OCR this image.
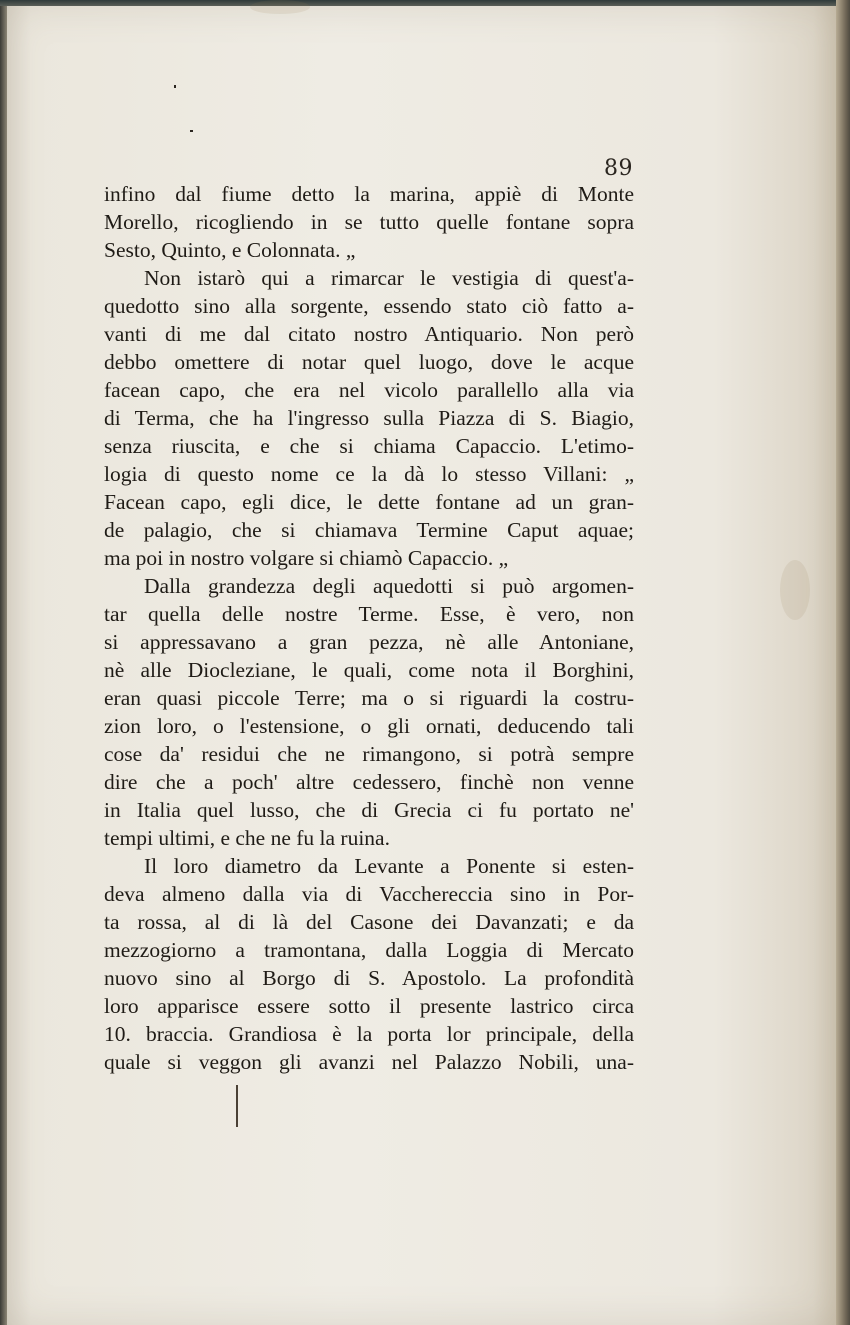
89
infino dal fiume detto la marina, appiè di Monte
Morello, ricogliendo in se tutto quelle fontane sopra
Sesto, Quinto, e Colonnata. „
Non istarò qui a rimarcar le vestigia di quest'a-
quedotto sino alla sorgente, essendo stato ciò fatto a-
vanti di me dal citato nostro Antiquario. Non però
debbo omettere di notar quel luogo, dove le acque
facean capo, che era nel vicolo parallello alla via
di Terma, che ha l'ingresso sulla Piazza di S. Biagio,
senza riuscita, e che si chiama Capaccio. L'etimo-
logia di questo nome ce la dà lo stesso Villani: „
Facean capo, egli dice, le dette fontane ad un gran-
de palagio, che si chiamava Termine Caput aquae;
ma poi in nostro volgare si chiamò Capaccio. „
Dalla grandezza degli aquedotti si può argomen-
tar quella delle nostre Terme. Esse, è vero, non
si appressavano a gran pezza, nè alle Antoniane,
nè alle Diocleziane, le quali, come nota il Borghini,
eran quasi piccole Terre; ma o si riguardi la costru-
zion loro, o l'estensione, o gli ornati, deducendo tali
cose da' residui che ne rimangono, si potrà sempre
dire che a poch' altre cedessero, finchè non venne
in Italia quel lusso, che di Grecia ci fu portato ne'
tempi ultimi, e che ne fu la ruina.
Il loro diametro da Levante a Ponente si esten-
deva almeno dalla via di Vacchereccia sino in Por-
ta rossa, al di là del Casone dei Davanzati; e da
mezzogiorno a tramontana, dalla Loggia di Mercato
nuovo sino al Borgo di S. Apostolo. La profondità
loro apparisce essere sotto il presente lastrico circa
10. braccia. Grandiosa è la porta lor principale, della
quale si veggon gli avanzi nel Palazzo Nobili, una-
